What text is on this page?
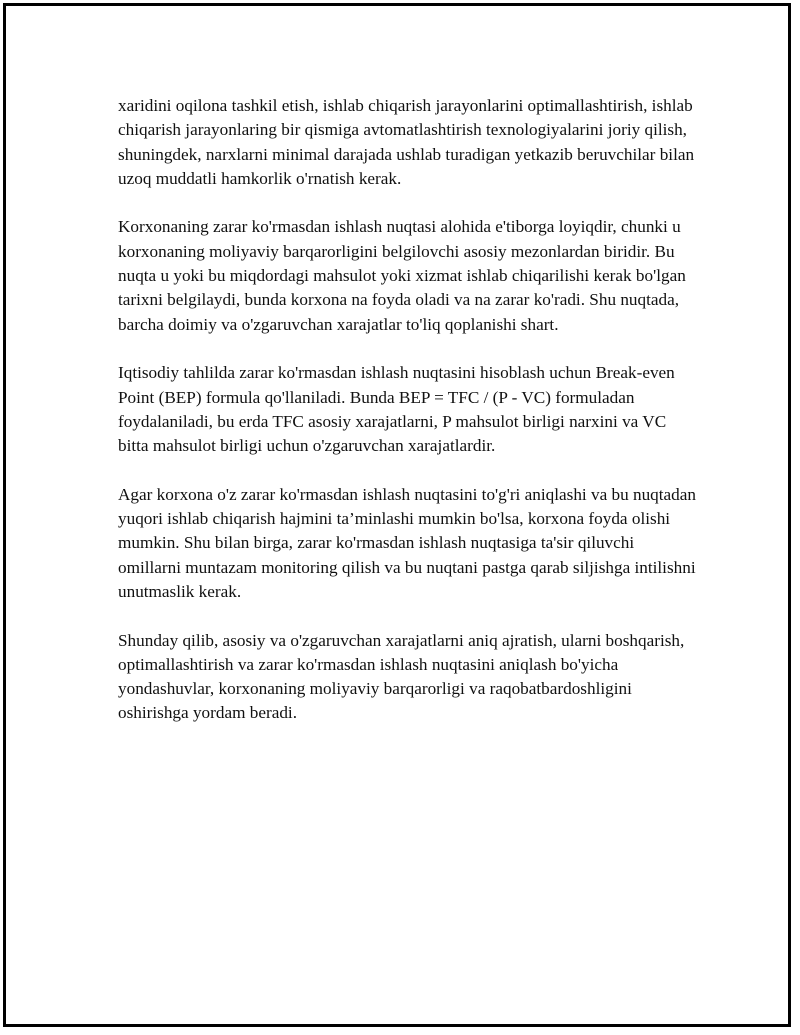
xaridini oqilona tashkil etish, ishlab chiqarish jarayonlarini optimallashtirish, ishlab chiqarish jarayonlaring bir qismiga avtomatlashtirish texnologiyalarini joriy qilish, shuningdek, narxlarni minimal darajada ushlab turadigan yetkazib beruvchilar bilan uzoq muddatli hamkorlik o'rnatish kerak.

Korxonaning zarar ko'rmasdan ishlash nuqtasi alohida e'tiborga loyiqdir, chunki u korxonaning moliyaviy barqarorligini belgilovchi asosiy mezonlardan biridir. Bu nuqta u yoki bu miqdordagi mahsulot yoki xizmat ishlab chiqarilishi kerak bo'lgan tarixni belgilaydi, bunda korxona na foyda oladi va na zarar ko'radi. Shu nuqtada, barcha doimiy va o'zgaruvchan xarajatlar to'liq qoplanishi shart.

Iqtisodiy tahlilda zarar ko'rmasdan ishlash nuqtasini hisoblash uchun Break-even Point (BEP) formula qo'llaniladi. Bunda BEP = TFC / (P - VC) formuladan foydalaniladi, bu erda TFC asosiy xarajatlarni, P mahsulot birligi narxini va VC bitta mahsulot birligi uchun o'zgaruvchan xarajatlardir.

Agar korxona o'z zarar ko'rmasdan ishlash nuqtasini to'g'ri aniqlashi va bu nuqtadan yuqori ishlab chiqarish hajmini ta’minlashi mumkin bo'lsa, korxona foyda olishi mumkin. Shu bilan birga, zarar ko'rmasdan ishlash nuqtasiga ta'sir qiluvchi omillarni muntazam monitoring qilish va bu nuqtani pastga qarab siljishga intilishni unutmaslik kerak.

Shunday qilib, asosiy va o'zgaruvchan xarajatlarni aniq ajratish, ularni boshqarish, optimallashtirish va zarar ko'rmasdan ishlash nuqtasini aniqlash bo'yicha yondashuvlar, korxonaning moliyaviy barqarorligi va raqobatbardoshligini oshirishga yordam beradi.
